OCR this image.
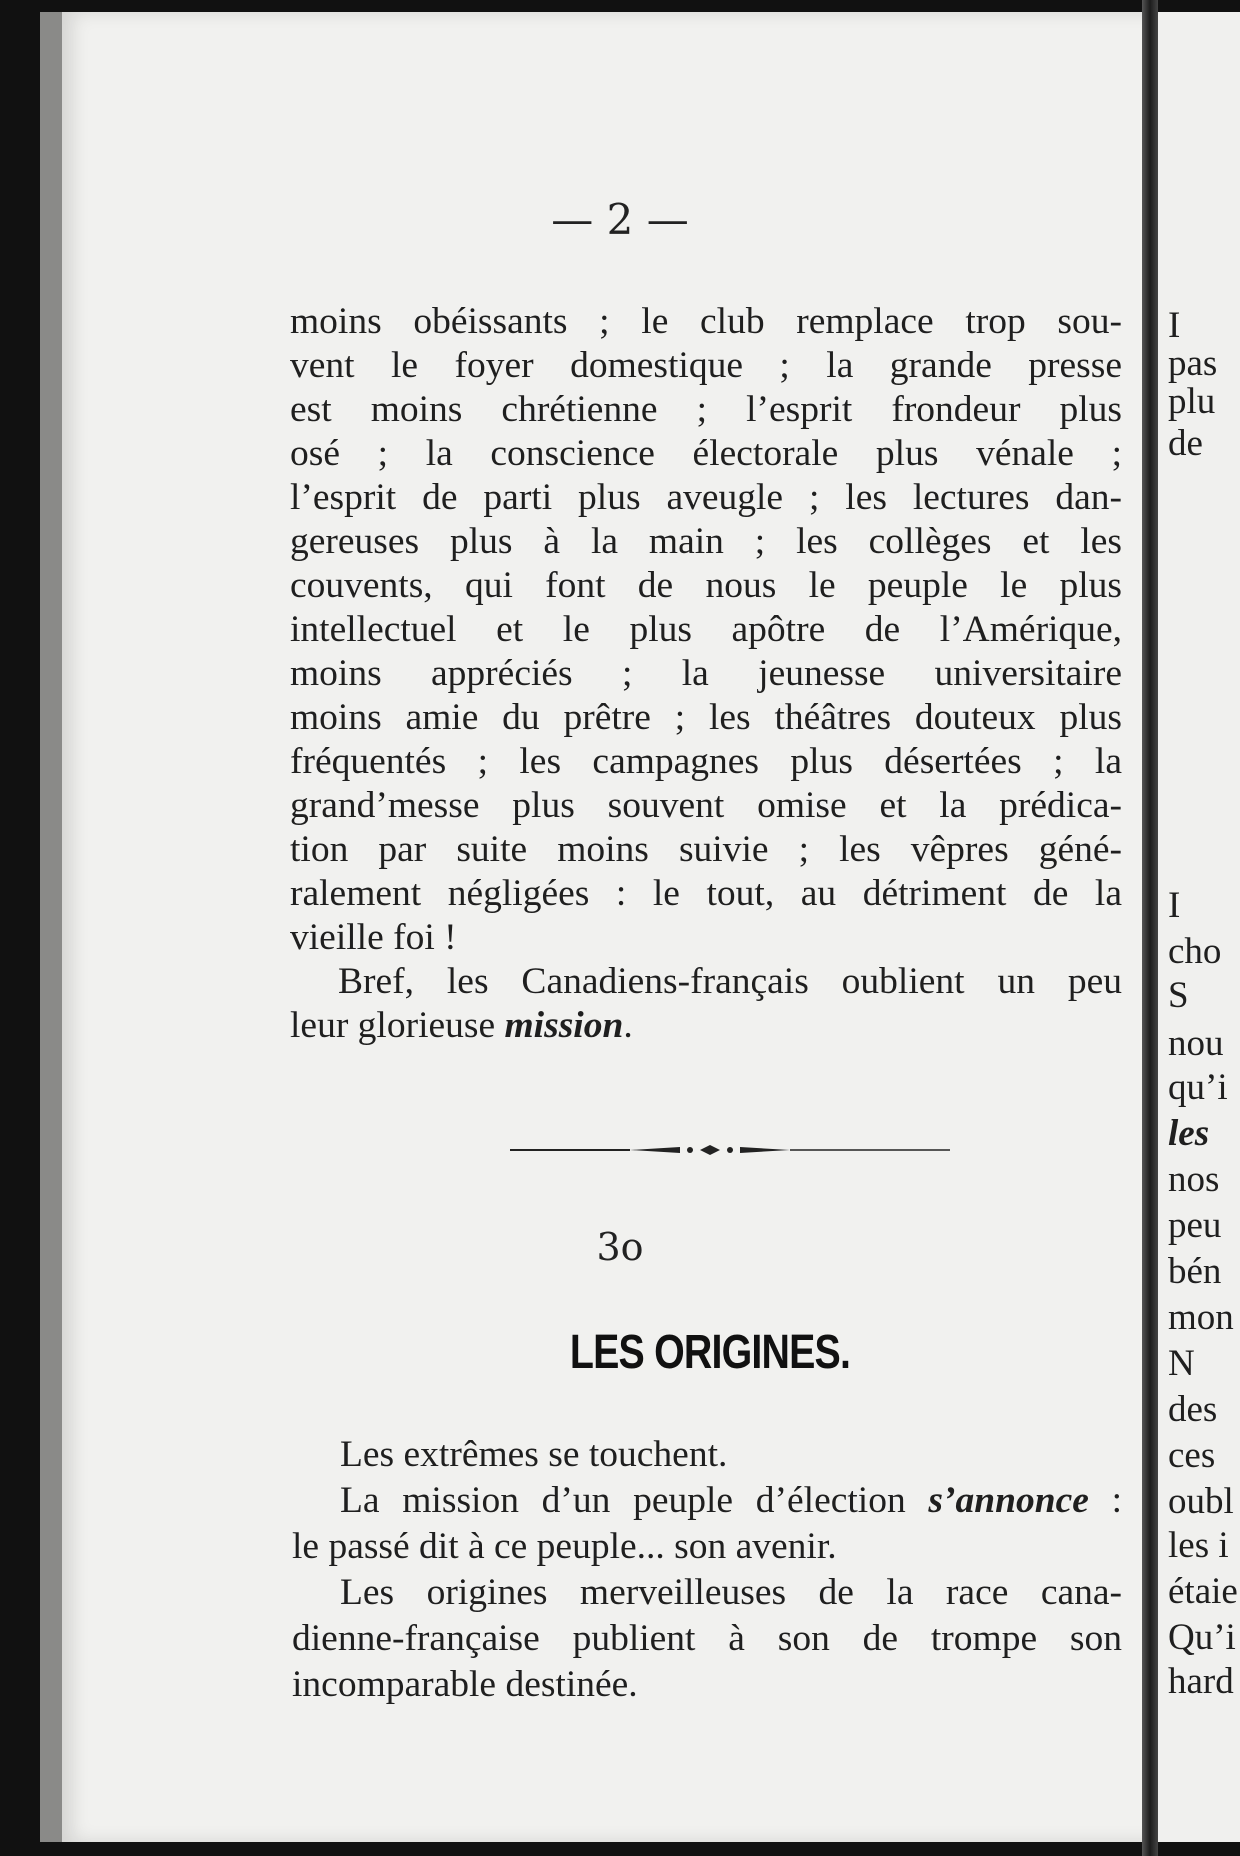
I
pas
plu
de
I
cho
S
nou
qu’i
les
nos
peu
bén
mon
N
des
ces
oubl
les i
étaie
Qu’i
hard
— 2 —
moins obéissants ; le club remplace trop sou-
vent le foyer domestique ; la grande presse
est moins chrétienne ; l’esprit frondeur plus
osé ; la conscience électorale plus vénale ;
l’esprit de parti plus aveugle ; les lectures dan-
gereuses plus à la main ; les collèges et les
couvents, qui font de nous le peuple le plus
intellectuel et le plus apôtre de l’Amérique,
moins appréciés ; la jeunesse universitaire
moins amie du prêtre ; les théâtres douteux plus
fréquentés ; les campagnes plus désertées ; la
grand’messe plus souvent omise et la prédica-
tion par suite moins suivie ; les vêpres géné-
ralement négligées : le tout, au détriment de la
vieille foi !
Bref, les Canadiens-français oublient un peu
leur glorieuse mission.
3o
LES ORIGINES.
Les extrêmes se touchent.
La mission d’un peuple d’élection s’annonce :
le passé dit à ce peuple... son avenir.
Les origines merveilleuses de la race cana-
dienne-française publient à son de trompe son
incomparable destinée.
